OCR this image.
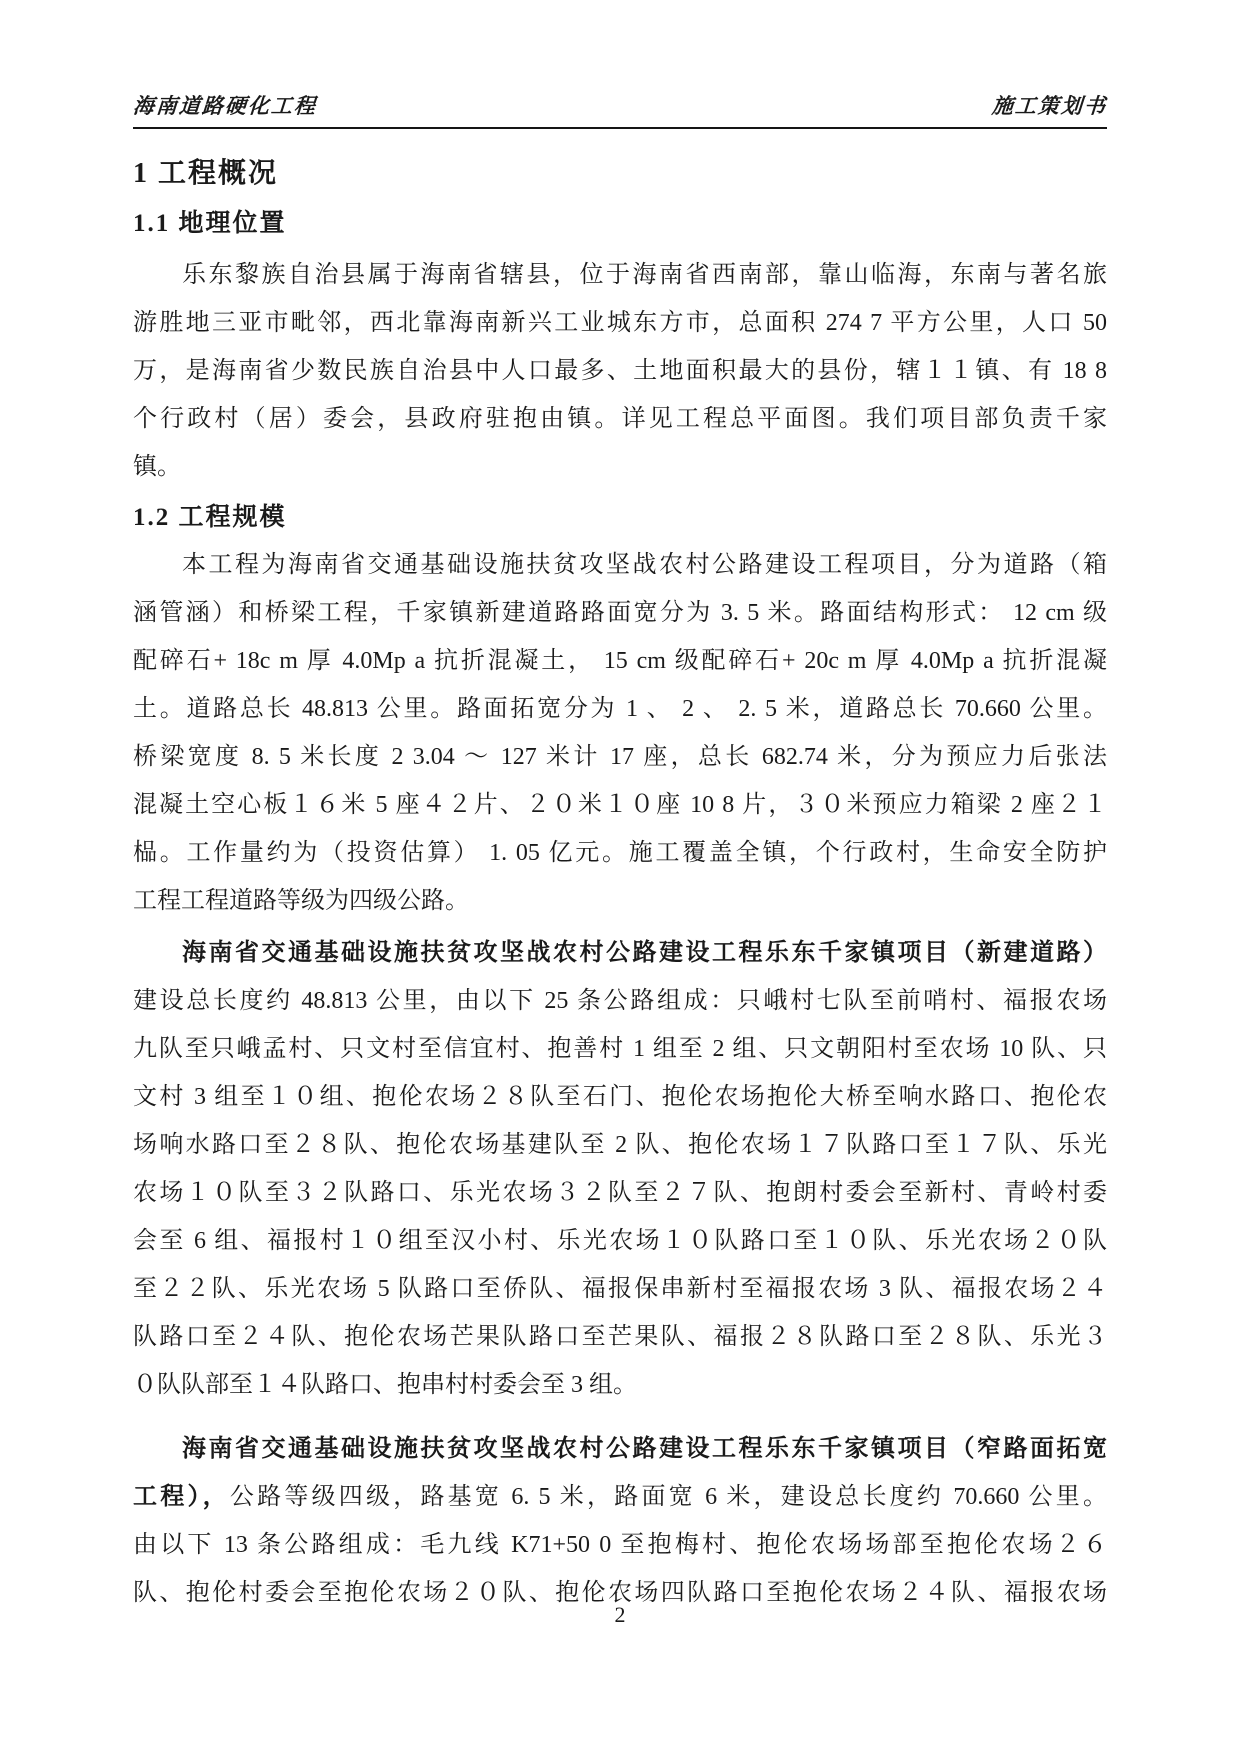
海南道路硬化工程	施工策划书
1 工程概况
1.1 地理位置
乐东黎族自治县属于海南省辖县，位于海南省西南部，靠山临海，东南与著名旅
游胜地三亚市毗邻，西北靠海南新兴工业城东方市，总面积 274 7 平方公里，人口 50
万，是海南省少数民族自治县中人口最多、土地面积最大的县份，辖１１镇、有 18 8
个行政村（居）委会，县政府驻抱由镇。详见工程总平面图。我们项目部负责千家
镇。
1.2 工程规模
本工程为海南省交通基础设施扶贫攻坚战农村公路建设工程项目，分为道路（箱
涵管涵）和桥梁工程，千家镇新建道路路面宽分为 3. 5 米。路面结构形式： 12 cm 级
配碎石+ 18c m 厚 4.0Mp a 抗折混凝土， 15 cm 级配碎石+ 20c m 厚 4.0Mp a 抗折混凝
土。道路总长 48.813 公里。路面拓宽分为 1 、 2 、 2. 5 米，道路总长 70.660 公里。
桥梁宽度 8. 5 米长度 2 3.04 ～ 127 米计 17 座，总长 682.74 米，分为预应力后张法
混凝土空心板１６米 5 座４２片、２０米１０座 10 8 片，３０米预应力箱梁 2 座２１
榀。工作量约为（投资估算） 1. 05 亿元。施工覆盖全镇，个行政村，生命安全防护
工程工程道路等级为四级公路。
海南省交通基础设施扶贫攻坚战农村公路建设工程乐东千家镇项目（新建道路）
建设总长度约 48.813 公里，由以下 25 条公路组成：只峨村七队至前哨村、福报农场
九队至只峨孟村、只文村至信宜村、抱善村 1 组至 2 组、只文朝阳村至农场 10 队、只
文村 3 组至１０组、抱伦农场２８队至石门、抱伦农场抱伦大桥至响水路口、抱伦农
场响水路口至２８队、抱伦农场基建队至 2 队、抱伦农场１７队路口至１７队、乐光
农场１０队至３２队路口、乐光农场３２队至２７队、抱朗村委会至新村、青岭村委
会至 6 组、福报村１０组至汉小村、乐光农场１０队路口至１０队、乐光农场２０队
至２２队、乐光农场 5 队路口至侨队、福报保串新村至福报农场 3 队、福报农场２４
队路口至２４队、抱伦农场芒果队路口至芒果队、福报２８队路口至２８队、乐光３
０队队部至１４队路口、抱串村村委会至 3 组。
海南省交通基础设施扶贫攻坚战农村公路建设工程乐东千家镇项目（窄路面拓宽
工程），公路等级四级，路基宽 6. 5 米，路面宽 6 米，建设总长度约 70.660 公里。
由以下 13 条公路组成：毛九线 K71+50 0 至抱梅村、抱伦农场场部至抱伦农场２６
队、抱伦村委会至抱伦农场２０队、抱伦农场四队路口至抱伦农场２４队、福报农场
2
